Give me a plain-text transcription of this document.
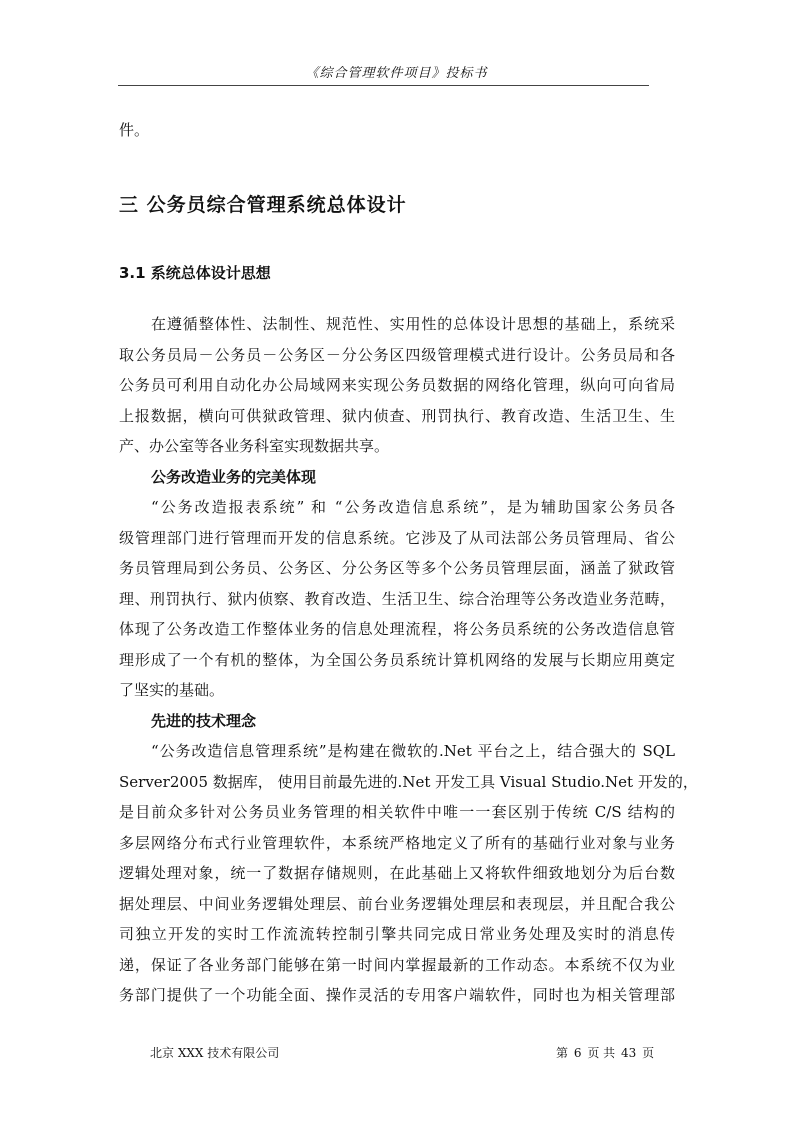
《综合管理软件项目》投标书
件。
三 公务员综合管理系统总体设计
3.1 系统总体设计思想
在遵循整体性、法制性、规范性、实用性的总体设计思想的基础上，系统采
取公务员局－公务员－公务区－分公务区四级管理模式进行设计。公务员局和各
公务员可利用自动化办公局域网来实现公务员数据的网络化管理，纵向可向省局
上报数据，横向可供狱政管理、狱内侦查、刑罚执行、教育改造、生活卫生、生
产、办公室等各业务科室实现数据共享。
公务改造业务的完美体现
“公务改造报表系统” 和 “公务改造信息系统”，是为辅助国家公务员各
级管理部门进行管理而开发的信息系统。它涉及了从司法部公务员管理局、省公
务员管理局到公务员、公务区、分公务区等多个公务员管理层面，涵盖了狱政管
理、刑罚执行、狱内侦察、教育改造、生活卫生、综合治理等公务改造业务范畴，
体现了公务改造工作整体业务的信息处理流程，将公务员系统的公务改造信息管
理形成了一个有机的整体，为全国公务员系统计算机网络的发展与长期应用奠定
了坚实的基础。
先进的技术理念
“公务改造信息管理系统”是构建在微软的.Net 平台之上，结合强大的 SQL
Server2005 数据库， 使用目前最先进的.Net 开发工具 Visual Studio.Net 开发的，
是目前众多针对公务员业务管理的相关软件中唯一一套区别于传统 C/S 结构的
多层网络分布式行业管理软件，本系统严格地定义了所有的基础行业对象与业务
逻辑处理对象，统一了数据存储规则，在此基础上又将软件细致地划分为后台数
据处理层、中间业务逻辑处理层、前台业务逻辑处理层和表现层，并且配合我公
司独立开发的实时工作流流转控制引擎共同完成日常业务处理及实时的消息传
递，保证了各业务部门能够在第一时间内掌握最新的工作动态。本系统不仅为业
务部门提供了一个功能全面、操作灵活的专用客户端软件，同时也为相关管理部
北京 XXX 技术有限公司	第 6 页 共 43 页
